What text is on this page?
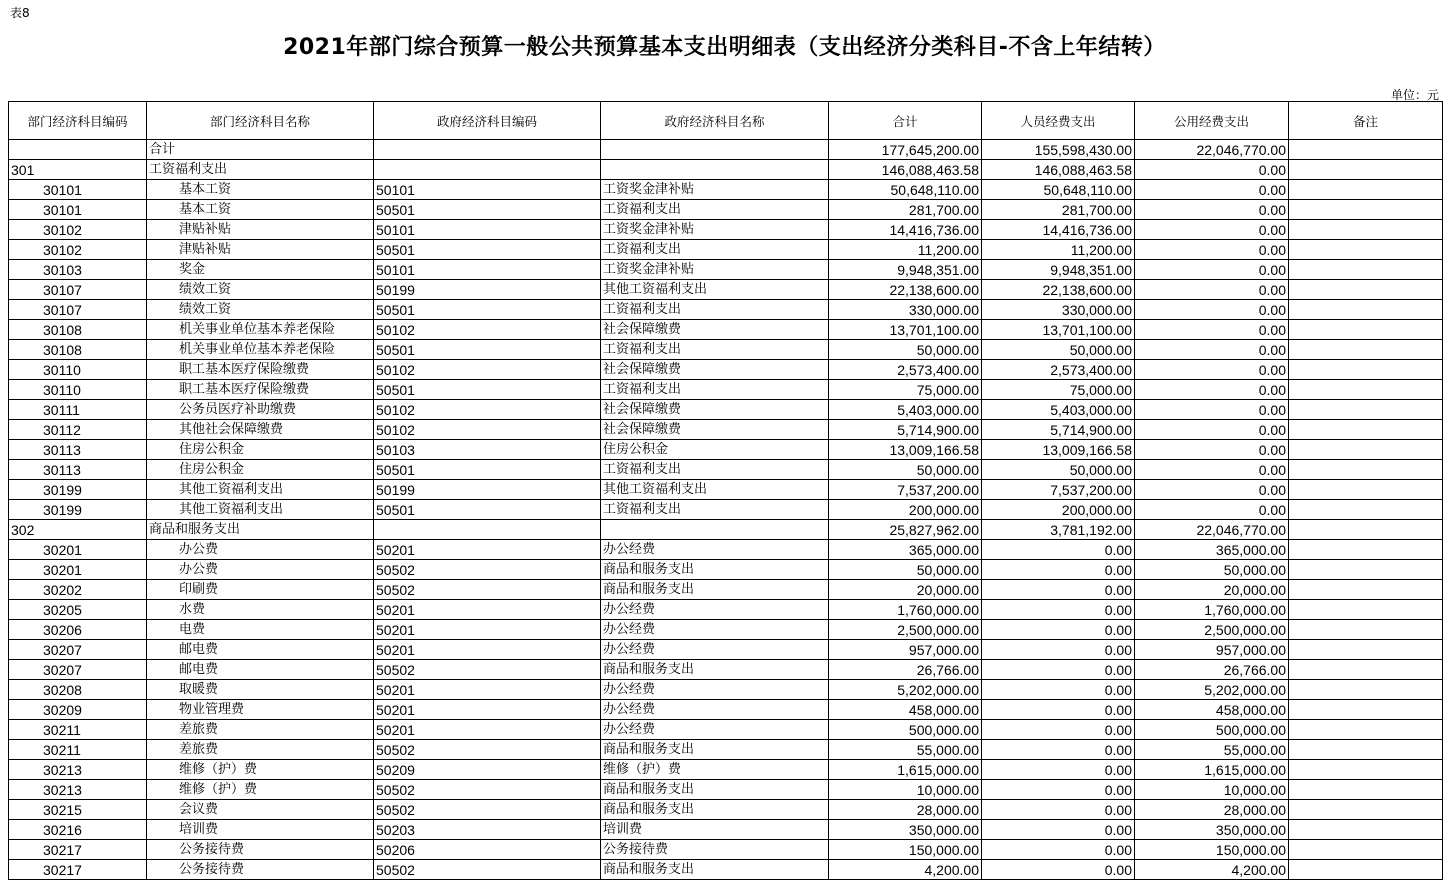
表8
2021年部门综合预算一般公共预算基本支出明细表（支出经济分类科目-不含上年结转）
单位：元
部门经济科目编码	部门经济科目名称	政府经济科目编码	政府经济科目名称	合计	人员经费支出	公用经费支出	备注
	合计			177,645,200.00	155,598,430.00	22,046,770.00	
301	工资福利支出			146,088,463.58	146,088,463.58	0.00	
30101	基本工资	50101	工资奖金津补贴	50,648,110.00	50,648,110.00	0.00	
30101	基本工资	50501	工资福利支出	281,700.00	281,700.00	0.00	
30102	津贴补贴	50101	工资奖金津补贴	14,416,736.00	14,416,736.00	0.00	
30102	津贴补贴	50501	工资福利支出	11,200.00	11,200.00	0.00	
30103	奖金	50101	工资奖金津补贴	9,948,351.00	9,948,351.00	0.00	
30107	绩效工资	50199	其他工资福利支出	22,138,600.00	22,138,600.00	0.00	
30107	绩效工资	50501	工资福利支出	330,000.00	330,000.00	0.00	
30108	机关事业单位基本养老保险	50102	社会保障缴费	13,701,100.00	13,701,100.00	0.00	
30108	机关事业单位基本养老保险	50501	工资福利支出	50,000.00	50,000.00	0.00	
30110	职工基本医疗保险缴费	50102	社会保障缴费	2,573,400.00	2,573,400.00	0.00	
30110	职工基本医疗保险缴费	50501	工资福利支出	75,000.00	75,000.00	0.00	
30111	公务员医疗补助缴费	50102	社会保障缴费	5,403,000.00	5,403,000.00	0.00	
30112	其他社会保障缴费	50102	社会保障缴费	5,714,900.00	5,714,900.00	0.00	
30113	住房公积金	50103	住房公积金	13,009,166.58	13,009,166.58	0.00	
30113	住房公积金	50501	工资福利支出	50,000.00	50,000.00	0.00	
30199	其他工资福利支出	50199	其他工资福利支出	7,537,200.00	7,537,200.00	0.00	
30199	其他工资福利支出	50501	工资福利支出	200,000.00	200,000.00	0.00	
302	商品和服务支出			25,827,962.00	3,781,192.00	22,046,770.00	
30201	办公费	50201	办公经费	365,000.00	0.00	365,000.00	
30201	办公费	50502	商品和服务支出	50,000.00	0.00	50,000.00	
30202	印刷费	50502	商品和服务支出	20,000.00	0.00	20,000.00	
30205	水费	50201	办公经费	1,760,000.00	0.00	1,760,000.00	
30206	电费	50201	办公经费	2,500,000.00	0.00	2,500,000.00	
30207	邮电费	50201	办公经费	957,000.00	0.00	957,000.00	
30207	邮电费	50502	商品和服务支出	26,766.00	0.00	26,766.00	
30208	取暖费	50201	办公经费	5,202,000.00	0.00	5,202,000.00	
30209	物业管理费	50201	办公经费	458,000.00	0.00	458,000.00	
30211	差旅费	50201	办公经费	500,000.00	0.00	500,000.00	
30211	差旅费	50502	商品和服务支出	55,000.00	0.00	55,000.00	
30213	维修（护）费	50209	维修（护）费	1,615,000.00	0.00	1,615,000.00	
30213	维修（护）费	50502	商品和服务支出	10,000.00	0.00	10,000.00	
30215	会议费	50502	商品和服务支出	28,000.00	0.00	28,000.00	
30216	培训费	50203	培训费	350,000.00	0.00	350,000.00	
30217	公务接待费	50206	公务接待费	150,000.00	0.00	150,000.00	
30217	公务接待费	50502	商品和服务支出	4,200.00	0.00	4,200.00	
